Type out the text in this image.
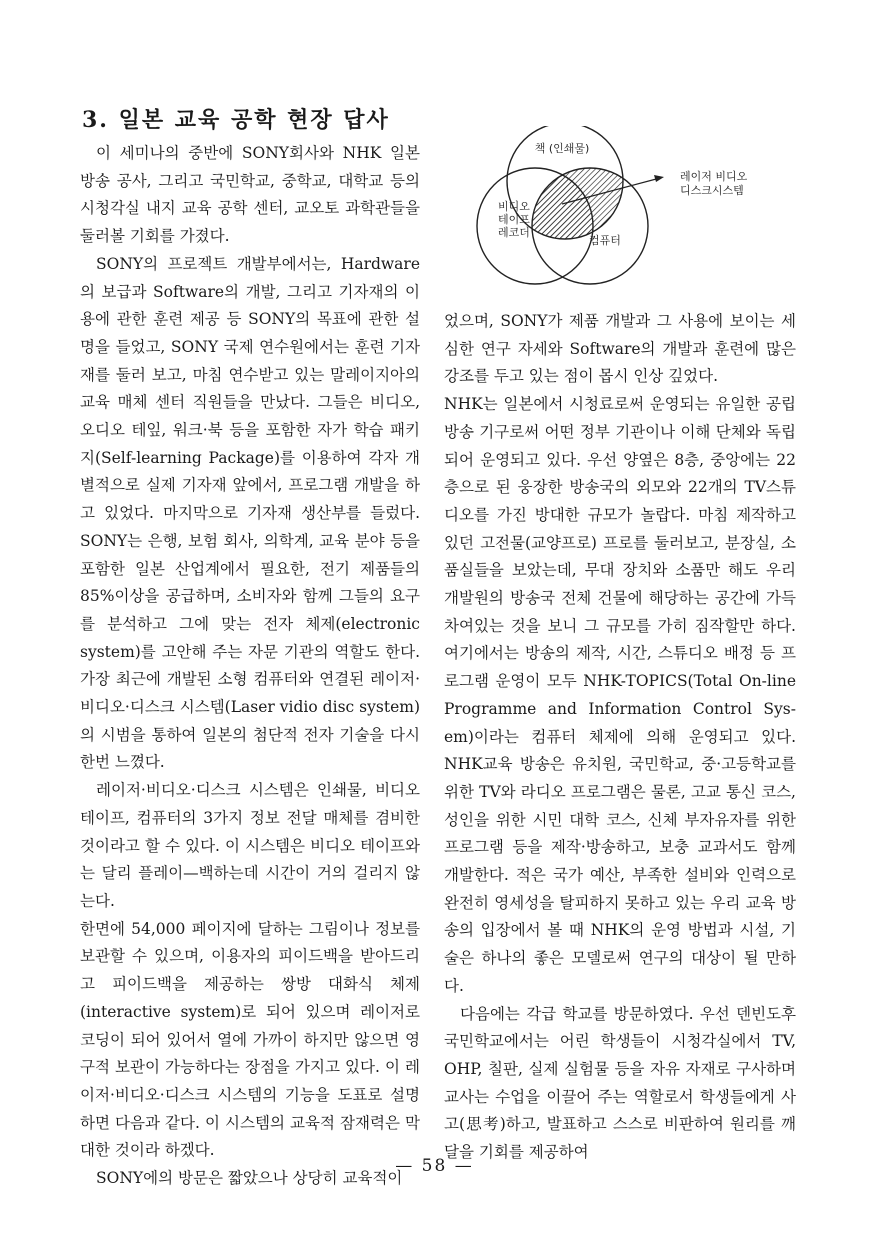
3. 일본 교육 공학 현장 답사

이 세미나의 중반에 SONY회사와 NHK 일본 방송 공사, 그리고 국민학교, 중학교, 대학교 등의 시청각실 내지 교육 공학 센터, 교오토 과학관들을 둘러볼 기회를 가졌다.

SONY의 프로젝트 개발부에서는, Hardware의 보급과 Software의 개발, 그리고 기자재의 이용에 관한 훈련 제공 등 SONY의 목표에 관한 설명을 들었고, SONY 국제 연수원에서는 훈련 기자재를 둘러 보고, 마침 연수받고 있는 말레이지아의 교육 매체 센터 직원들을 만났다. 그들은 비디오, 오디오 테잎, 워크·북 등을 포함한 자가 학습 패키지(Self-learning Package)를 이용하여 각자 개별적으로 실제 기자재 앞에서, 프로그램 개발을 하고 있었다. 마지막으로 기자재 생산부를 들렀다. SONY는 은행, 보험 회사, 의학계, 교육 분야 등을 포함한 일본 산업계에서 필요한, 전기 제품들의 85%이상을 공급하며, 소비자와 함께 그들의 요구를 분석하고 그에 맞는 전자 체제(electronic system)를 고안해 주는 자문 기관의 역할도 한다. 가장 최근에 개발된 소형 컴퓨터와 연결된 레이저·비디오·디스크 시스템(Laser vidio disc system)의 시범을 통하여 일본의 첨단적 전자 기술을 다시 한번 느꼈다.

레이저·비디오·디스크 시스템은 인쇄물, 비디오 테이프, 컴퓨터의 3가지 정보 전달 매체를 겸비한 것이라고 할 수 있다. 이 시스템은 비디오 테이프와는 달리 플레이—백하는데 시간이 거의 걸리지 않는다.

한면에 54,000 페이지에 달하는 그림이나 정보를 보관할 수 있으며, 이용자의 피이드백을 받아드리고 피이드백을 제공하는 쌍방 대화식 체제(interactive system)로 되어 있으며 레이저로 코딩이 되어 있어서 열에 가까이 하지만 않으면 영구적 보관이 가능하다는 장점을 가지고 있다. 이 레이저·비디오·디스크 시스템의 기능을 도표로 설명하면 다음과 같다. 이 시스템의 교육적 잠재력은 막대한 것이라 하겠다.

SONY에의 방문은 짧았으나 상당히 교육적이

책 (인쇄물)
비디오
테이프
레코더
컴퓨터
레이저 비디오
디스크시스템

었으며, SONY가 제품 개발과 그 사용에 보이는 세심한 연구 자세와 Software의 개발과 훈련에 많은 강조를 두고 있는 점이 몹시 인상 깊었다.

NHK는 일본에서 시청료로써 운영되는 유일한 공립 방송 기구로써 어떤 정부 기관이나 이해 단체와 독립되어 운영되고 있다. 우선 양옆은 8층, 중앙에는 22층으로 된 웅장한 방송국의 외모와 22개의 TV스튜디오를 가진 방대한 규모가 놀랍다. 마침 제작하고 있던 고전물(교양프로) 프로를 둘러보고, 분장실, 소품실들을 보았는데, 무대 장치와 소품만 해도 우리 개발원의 방송국 전체 건물에 해당하는 공간에 가득 차여있는 것을 보니 그 규모를 가히 짐작할만 하다. 여기에서는 방송의 제작, 시간, 스튜디오 배정 등 프로그램 운영이 모두 NHK-TOPICS(Total On-line Programme and Information Control Sys-em)이라는 컴퓨터 체제에 의해 운영되고 있다. NHK교육 방송은 유치원, 국민학교, 중·고등학교를 위한 TV와 라디오 프로그램은 물론, 고교 통신 코스, 성인을 위한 시민 대학 코스, 신체 부자유자를 위한 프로그램 등을 제작·방송하고, 보충 교과서도 함께 개발한다. 적은 국가 예산, 부족한 설비와 인력으로 완전히 영세성을 탈피하지 못하고 있는 우리 교육 방송의 입장에서 볼 때 NHK의 운영 방법과 시설, 기술은 하나의 좋은 모델로써 연구의 대상이 될 만하다.

다음에는 각급 학교를 방문하였다. 우선 덴빈도후 국민학교에서는 어린 학생들이 시청각실에서 TV, OHP, 칠판, 실제 실험물 등을 자유 자재로 구사하며 교사는 수업을 이끌어 주는 역할로서 학생들에게 사고(思考)하고, 발표하고 스스로 비판하여 원리를 깨달을 기회를 제공하여

— 58 —
